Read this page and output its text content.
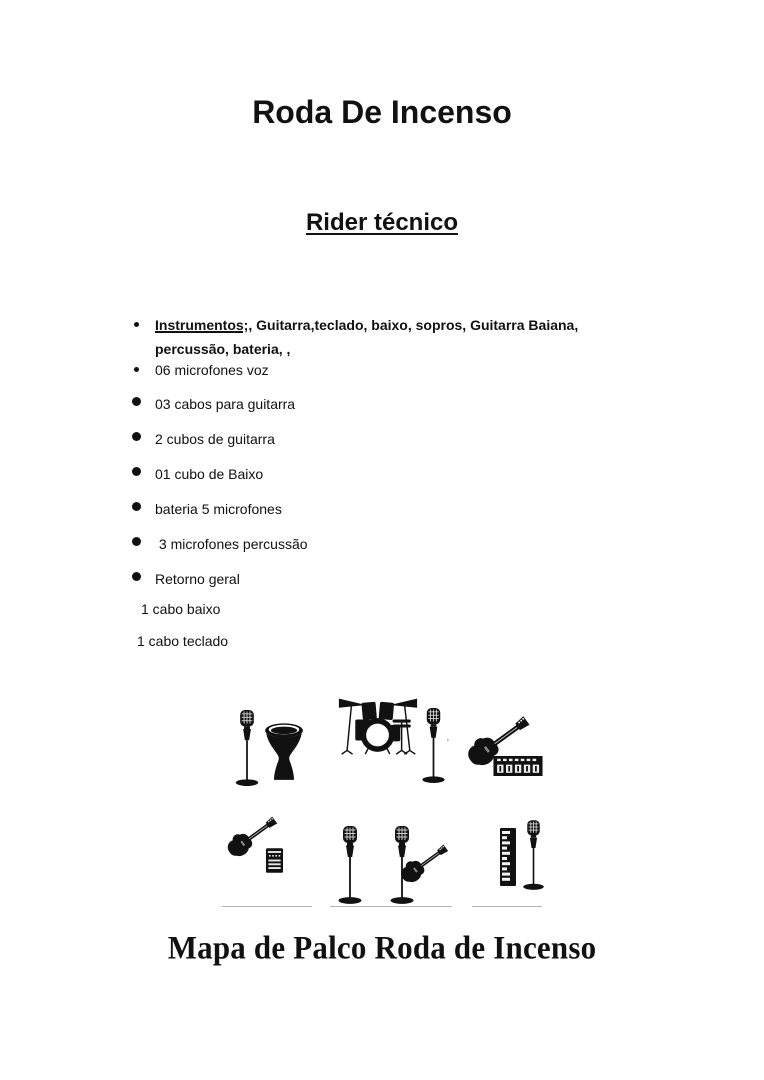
Roda De Incenso
Rider técnico
Instrumentos;, Guitarra,teclado, baixo, sopros, Guitarra Baiana, percussão, bateria, ,
06 microfones voz
03 cabos para guitarra
2 cubos de guitarra
01 cubo de Baixo
bateria 5 microfones
3 microfones percussão
Retorno geral
1 cabo baixo
1 cabo teclado
’
Mapa de Palco Roda de Incenso
